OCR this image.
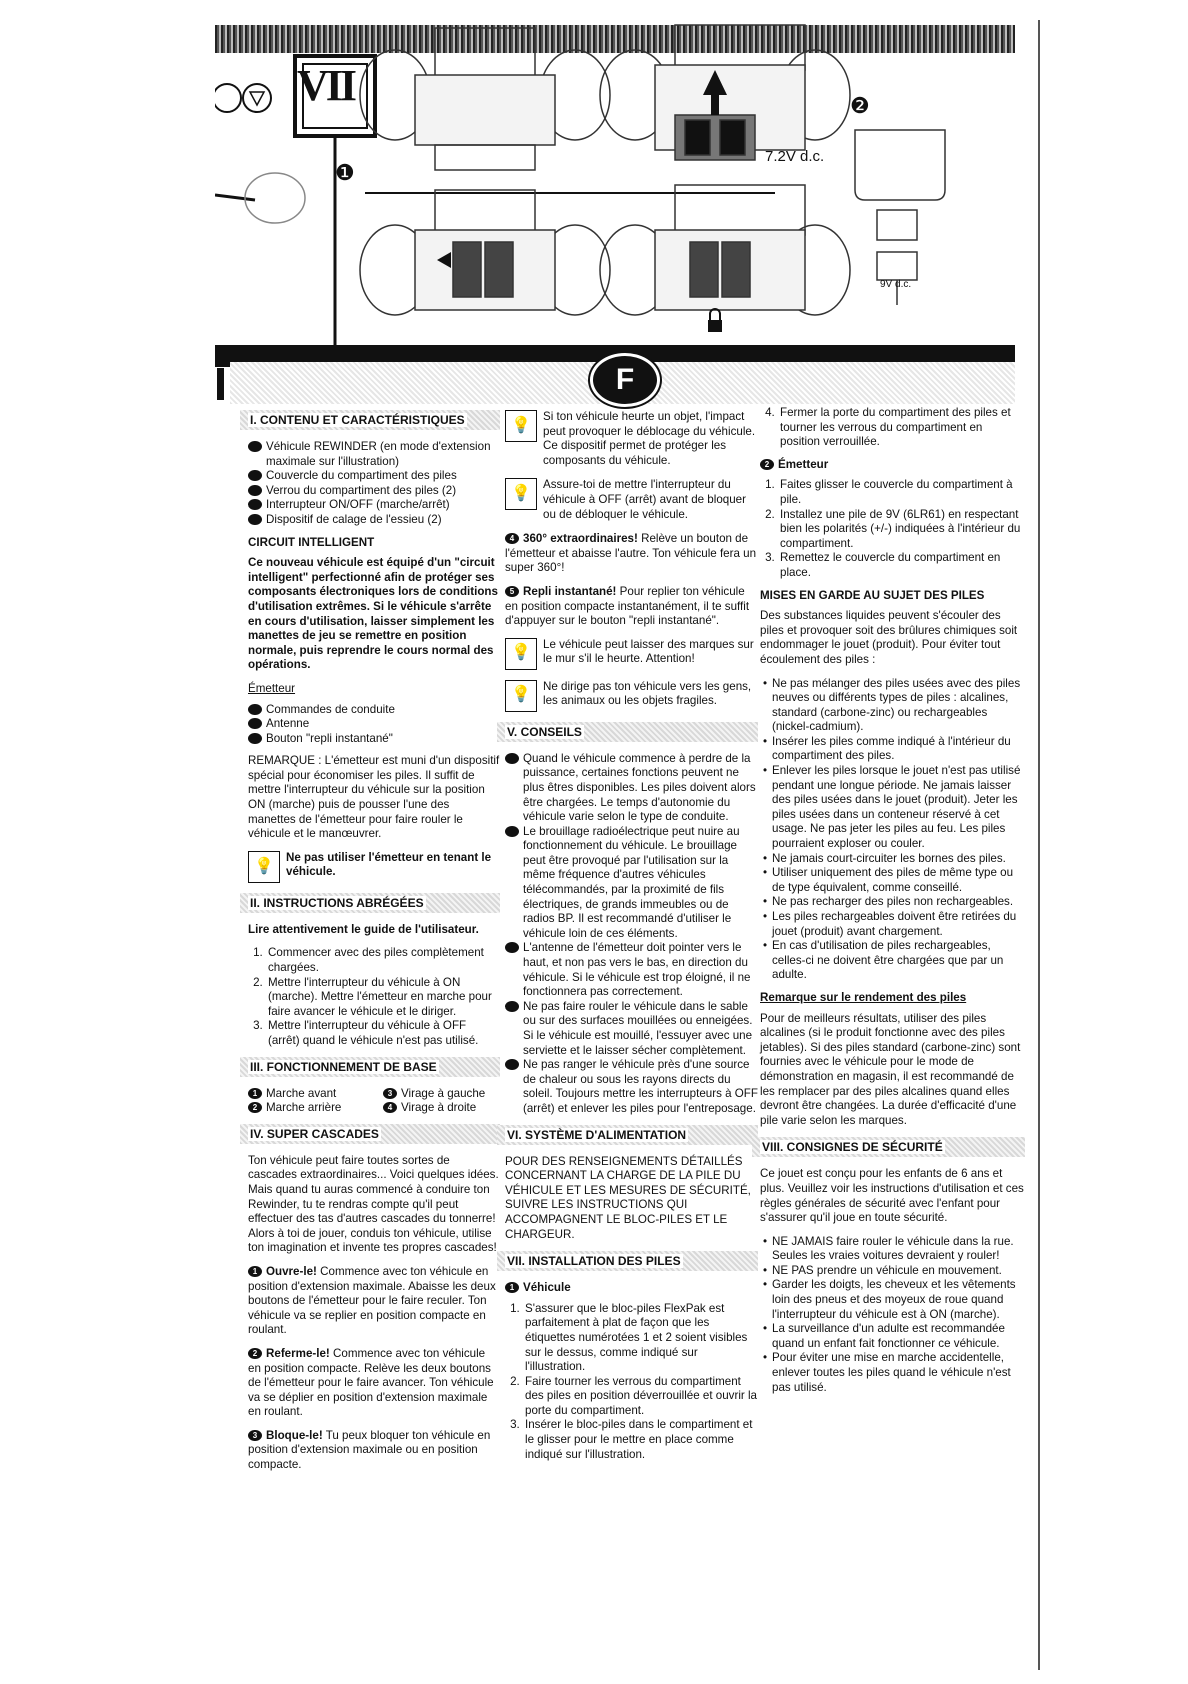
7.2V d.c.
9V d.c.
VII
❶
❷
F
I. CONTENU ET CARACTÉRISTIQUES
1 Véhicule REWINDER (en mode d'extension maximale sur l'illustration)
2 Couvercle du compartiment des piles
3 Verrou du compartiment des piles (2)
4 Interrupteur ON/OFF (marche/arrêt)
5 Dispositif de calage de l'essieu (2)
CIRCUIT INTELLIGENT

Ce nouveau véhicule est équipé d'un "circuit intelligent" perfectionné afin de protéger ses composants électroniques lors de conditions d'utilisation extrêmes. Si le véhicule s'arrête en cours d'utilisation, laisser simplement les manettes de jeu se remettre en position normale, puis reprendre le cours normal des opérations.

Émetteur
1 Commandes de conduite
2 Antenne
3 Bouton "repli instantané"

REMARQUE : L'émetteur est muni d'un dispositif spécial pour économiser les piles. Il suffit de mettre l'interrupteur du véhicule sur la position ON (marche) puis de pousser l'une des manettes de l'émetteur pour faire rouler le véhicule et le manœuvrer.

💡
Ne pas utiliser l'émetteur en tenant le véhicule.
II. INSTRUCTIONS ABRÉGÉES

Lire attentivement le guide de l'utilisateur.

1. Commencer avec des piles complètement chargées.
2. Mettre l'interrupteur du véhicule à ON (marche). Mettre l'émetteur en marche pour faire avancer le véhicule et le diriger.
3. Mettre l'interrupteur du véhicule à OFF (arrêt) quand le véhicule n'est pas utilisé.
III. FONCTIONNEMENT DE BASE
1 Marche avant
2 Marche arrière
3 Virage à gauche
4 Virage à droite
IV. SUPER CASCADES

Ton véhicule peut faire toutes sortes de cascades extraordinaires... Voici quelques idées. Mais quand tu auras commencé à conduire ton Rewinder, tu te rendras compte qu'il peut effectuer des tas d'autres cascades du tonnerre! Alors à toi de jouer, conduis ton véhicule, utilise ton imagination et invente tes propres cascades!

1 Ouvre-le! Commence avec ton véhicule en position d'extension maximale. Abaisse les deux boutons de l'émetteur pour le faire reculer. Ton véhicule va se replier en position compacte en roulant.

2 Referme-le! Commence avec ton véhicule en position compacte. Relève les deux boutons de l'émetteur pour le faire avancer. Ton véhicule va se déplier en position d'extension maximale en roulant.

3 Bloque-le! Tu peux bloquer ton véhicule en position d'extension maximale ou en position compacte.

💡
Si ton véhicule heurte un objet, l'impact peut provoquer le déblocage du véhicule. Ce dispositif permet de protéger les composants du véhicule.
💡
Assure-toi de mettre l'interrupteur du véhicule à OFF (arrêt) avant de bloquer ou de débloquer le véhicule.

4 360° extraordinaires! Relève un bouton de l'émetteur et abaisse l'autre. Ton véhicule fera un super 360°!

5 Repli instantané! Pour replier ton véhicule en position compacte instantanément, il te suffit d'appuyer sur le bouton "repli instantané".

💡
Le véhicule peut laisser des marques sur le mur s'il le heurte. Attention!
💡
Ne dirige pas ton véhicule vers les gens, les animaux ou les objets fragiles.
V. CONSEILS
1 Quand le véhicule commence à perdre de la puissance, certaines fonctions peuvent ne plus êtres disponibles. Les piles doivent alors être chargées. Le temps d'autonomie du véhicule varie selon le type de conduite.
2 Le brouillage radioélectrique peut nuire au fonctionnement du véhicule. Le brouillage peut être provoqué par l'utilisation sur la même fréquence d'autres véhicules télécommandés, par la proximité de fils électriques, de grands immeubles ou de radios BP. Il est recommandé d'utiliser le véhicule loin de ces éléments.
3 L'antenne de l'émetteur doit pointer vers le haut, et non pas vers le bas, en direction du véhicule. Si le véhicule est trop éloigné, il ne fonctionnera pas correctement.
4 Ne pas faire rouler le véhicule dans le sable ou sur des surfaces mouillées ou enneigées. Si le véhicule est mouillé, l'essuyer avec une serviette et le laisser sécher complètement.
5 Ne pas ranger le véhicule près d'une source de chaleur ou sous les rayons directs du soleil. Toujours mettre les interrupteurs à OFF (arrêt) et enlever les piles pour l'entreposage.
VI. SYSTÈME D'ALIMENTATION

POUR DES RENSEIGNEMENTS DÉTAILLÉS CONCERNANT LA CHARGE DE LA PILE DU VÉHICULE ET LES MESURES DE SÉCURITÉ, SUIVRE LES INSTRUCTIONS QUI ACCOMPAGNENT LE BLOC-PILES ET LE CHARGEUR.

VII. INSTALLATION DES PILES
1 Véhicule
1. S'assurer que le bloc-piles FlexPak est parfaitement à plat de façon que les étiquettes numérotées 1 et 2 soient visibles sur le dessus, comme indiqué sur l'illustration.
2. Faire tourner les verrous du compartiment des piles en position déverrouillée et ouvrir la porte du compartiment.
3. Insérer le bloc-piles dans le compartiment et le glisser pour le mettre en place comme indiqué sur l'illustration.
4. Fermer la porte du compartiment des piles et tourner les verrous du compartiment en position verrouillée.
2 Émetteur
1. Faites glisser le couvercle du compartiment à pile.
2. Installez une pile de 9V (6LR61) en respectant bien les polarités (+/-) indiquées à l'intérieur du compartiment.
3. Remettez le couvercle du compartiment en place.
MISES EN GARDE AU SUJET DES PILES

Des substances liquides peuvent s'écouler des piles et provoquer soit des brûlures chimiques soit endommager le jouet (produit). Pour éviter tout écoulement des piles :

• Ne pas mélanger des piles usées avec des piles neuves ou différents types de piles : alcalines, standard (carbone-zinc) ou rechargeables (nickel-cadmium).
• Insérer les piles comme indiqué à l'intérieur du compartiment des piles.
• Enlever les piles lorsque le jouet n'est pas utilisé pendant une longue période. Ne jamais laisser des piles usées dans le jouet (produit). Jeter les piles usées dans un conteneur réservé à cet usage. Ne pas jeter les piles au feu. Les piles pourraient exploser ou couler.
• Ne jamais court-circuiter les bornes des piles.
• Utiliser uniquement des piles de même type ou de type équivalent, comme conseillé.
• Ne pas recharger des piles non rechargeables.
• Les piles rechargeables doivent être retirées du jouet (produit) avant chargement.
• En cas d'utilisation de piles rechargeables, celles-ci ne doivent être chargées que par un adulte.
Remarque sur le rendement des piles

Pour de meilleurs résultats, utiliser des piles alcalines (si le produit fonctionne avec des piles jetables). Si des piles standard (carbone-zinc) sont fournies avec le véhicule pour le mode de démonstration en magasin, il est recommandé de les remplacer par des piles alcalines quand elles devront être changées. La durée d'efficacité d'une pile varie selon les marques.

VIII. CONSIGNES DE SÉCURITÉ

Ce jouet est conçu pour les enfants de 6 ans et plus. Veuillez voir les instructions d'utilisation et ces règles générales de sécurité avec l'enfant pour s'assurer qu'il joue en toute sécurité.

• NE JAMAIS faire rouler le véhicule dans la rue. Seules les vraies voitures devraient y rouler!
• NE PAS prendre un véhicule en mouvement.
• Garder les doigts, les cheveux et les vêtements loin des pneus et des moyeux de roue quand l'interrupteur du véhicule est à ON (marche).
• La surveillance d'un adulte est recommandée quand un enfant fait fonctionner ce véhicule.
• Pour éviter une mise en marche accidentelle, enlever toutes les piles quand le véhicule n'est pas utilisé.
